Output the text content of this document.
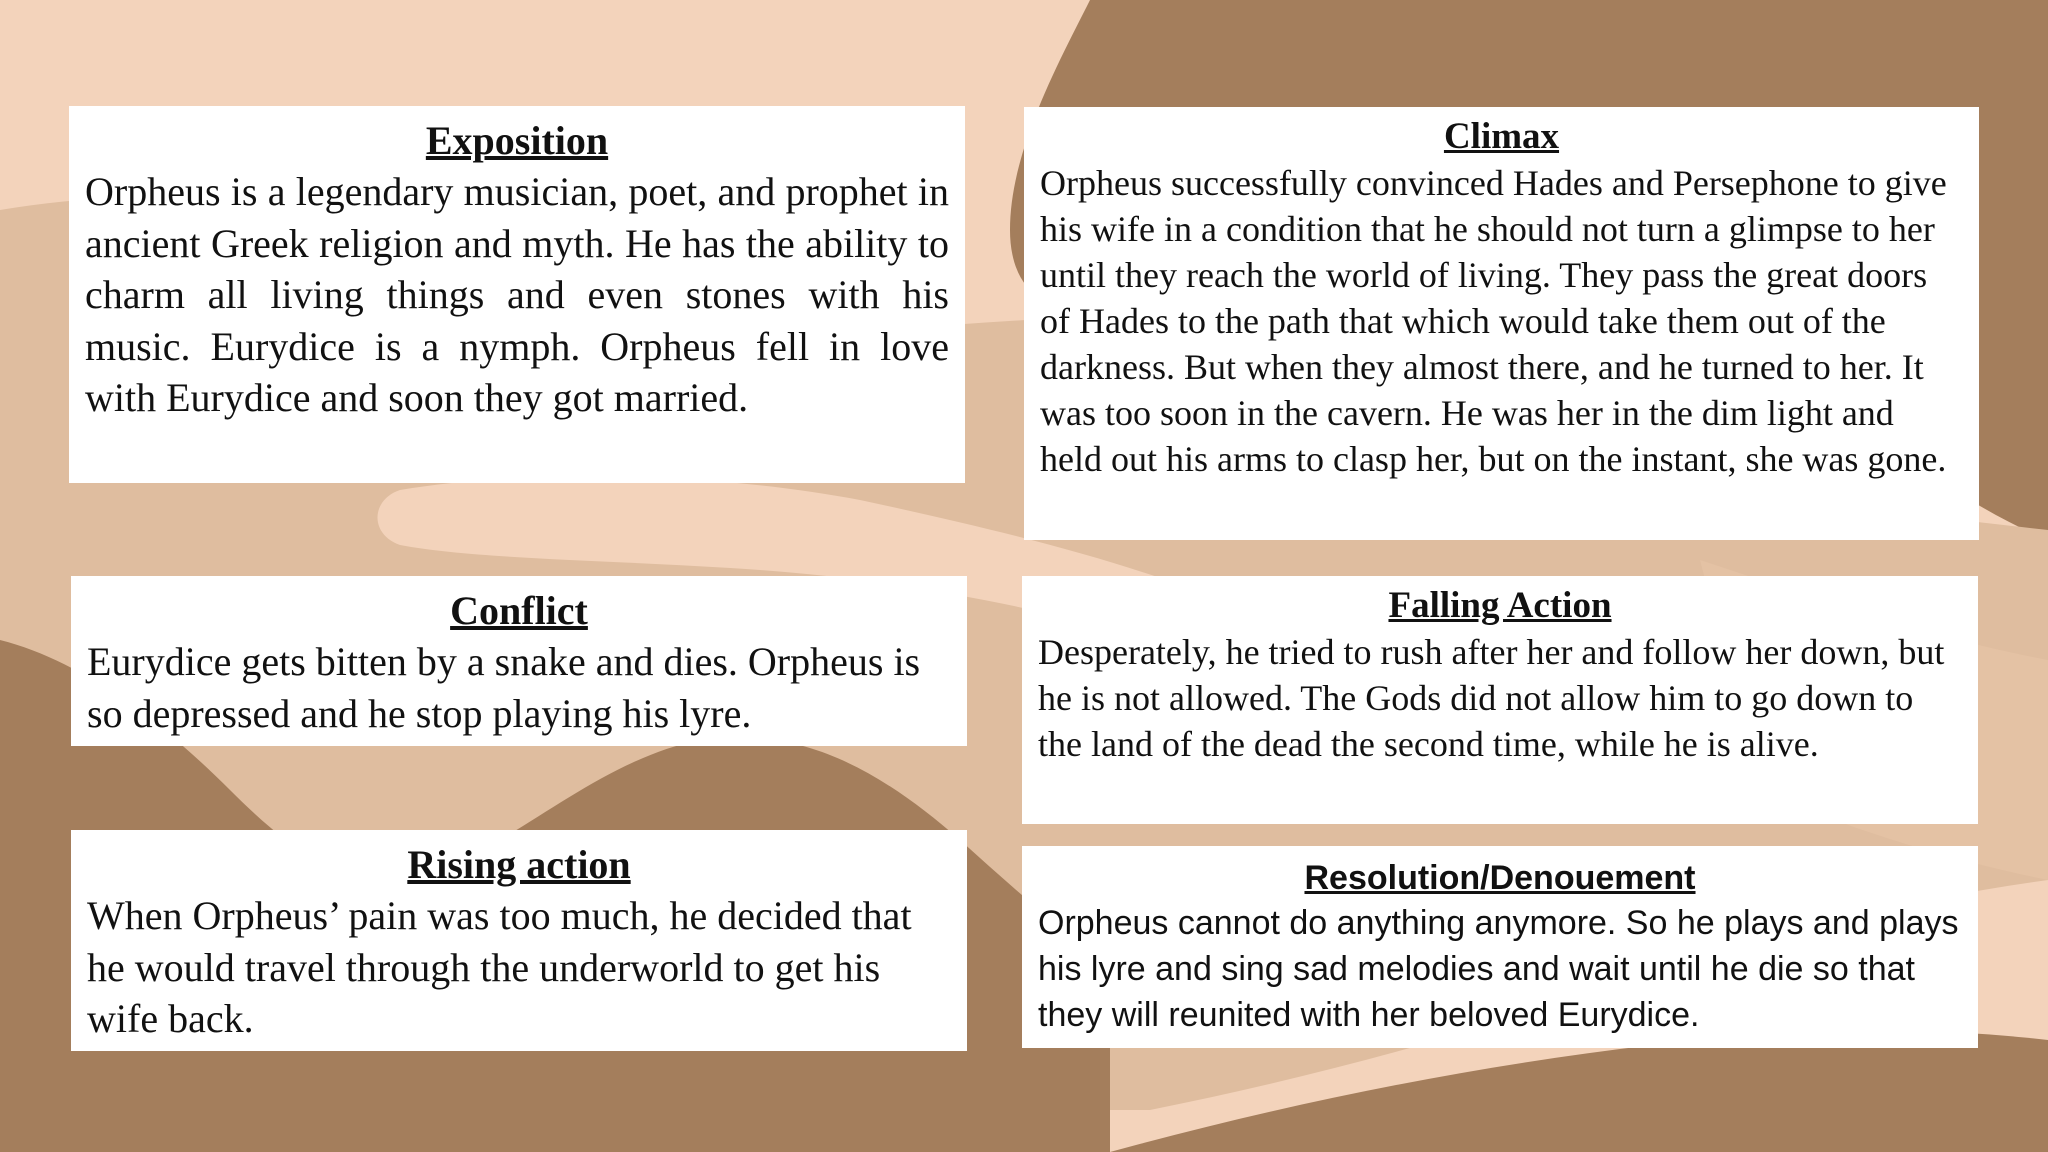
Exposition

Orpheus is a legendary musician, poet, and prophet in ancient Greek religion and myth. He has the ability to charm all living things and even stones with his music. Eurydice is a nymph. Orpheus fell in love with Eurydice and soon they got married.

Climax

Orpheus successfully convinced Hades and Persephone to give his wife in a condition that he should not turn a glimpse to her until they reach the world of living. They pass the great doors of Hades to the path that which would take them out of the darkness. But when they almost there, and he turned to her. It was too soon in the cavern. He was her in the dim light and held out his arms to clasp her, but on the instant, she was gone.

Conflict

Eurydice gets bitten by a snake and dies. Orpheus is so depressed and he stop playing his lyre.

Falling Action

Desperately, he tried to rush after her and follow her down, but he is not allowed. The Gods did not allow him to go down to the land of the dead the second time, while he is alive.

Rising action

When Orpheus’ pain was too much, he decided that he would travel through the underworld to get his wife back.

Resolution/Denouement

Orpheus cannot do anything anymore. So he plays and plays his lyre and sing sad melodies and wait until he die so that they will reunited with her beloved Eurydice.
